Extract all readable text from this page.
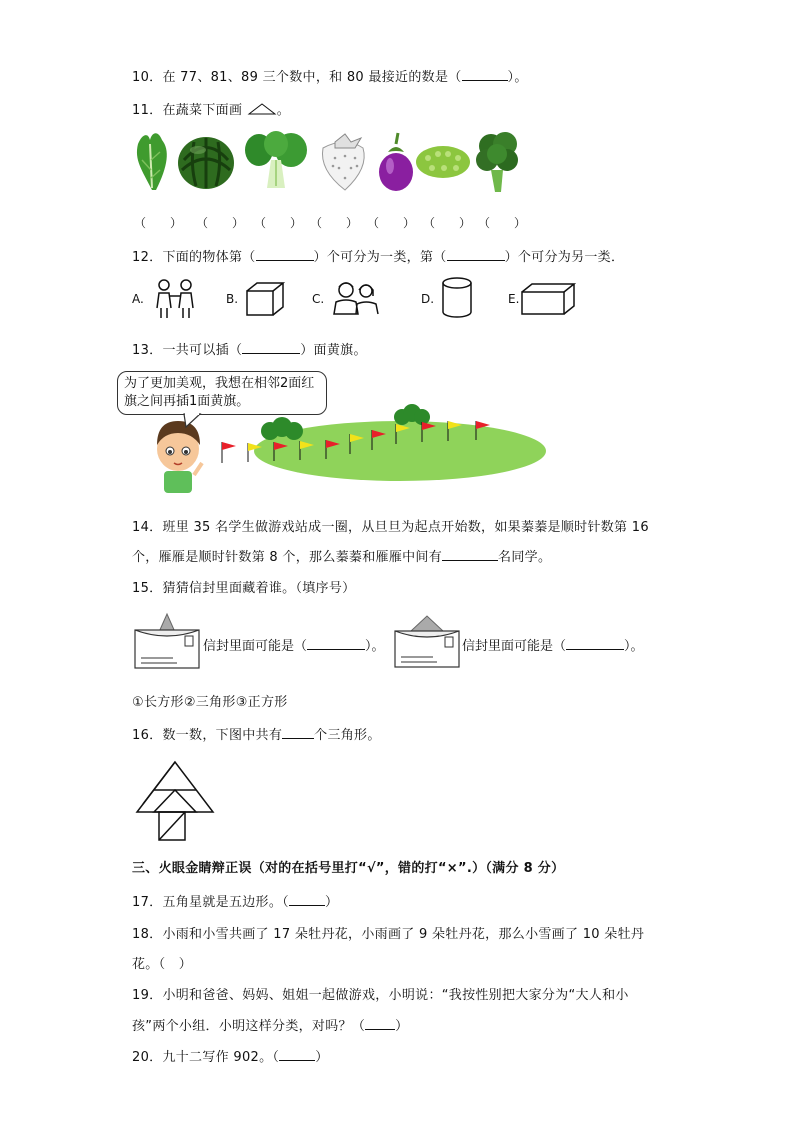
10．在 77、81、89 三个数中，和 80 最接近的数是（	）。
11．在蔬菜下面画	。
（　　） （　　） （　　） （　　） （　　） （　　） （　　）
12．下面的物体第（	）个可分为一类，第（	）个可分为另一类．
A.	B.	C.	D.	E.
13．一共可以插（	）面黄旗。
为了更加美观，我想在相邻2面红旗之间再插1面黄旗。
14．班里 35 名学生做游戏站成一圈，从旦旦为起点开始数，如果蓁蓁是顺时针数第 16
个，雁雁是顺时针数第 8 个，那么蓁蓁和雁雁中间有	名同学。
15．猜猜信封里面藏着谁。（填序号）
信封里面可能是（	）。	信封里面可能是（	）。
①长方形②三角形③正方形
16．数一数，下图中共有 个三角形。
三、火眼金睛辩正误（对的在括号里打“√”，错的打“×”.）（满分 8 分）
17．五角星就是五边形。（	）
18．小雨和小雪共画了 17 朵牡丹花，小雨画了 9 朵牡丹花，那么小雪画了 10 朵牡丹
花。（　）
19．小明和爸爸、妈妈、姐姐一起做游戏，小明说：“我按性别把大家分为“大人和小
孩”两个小组．小明这样分类，对吗？（ ）
20．九十二写作 902。（	）
